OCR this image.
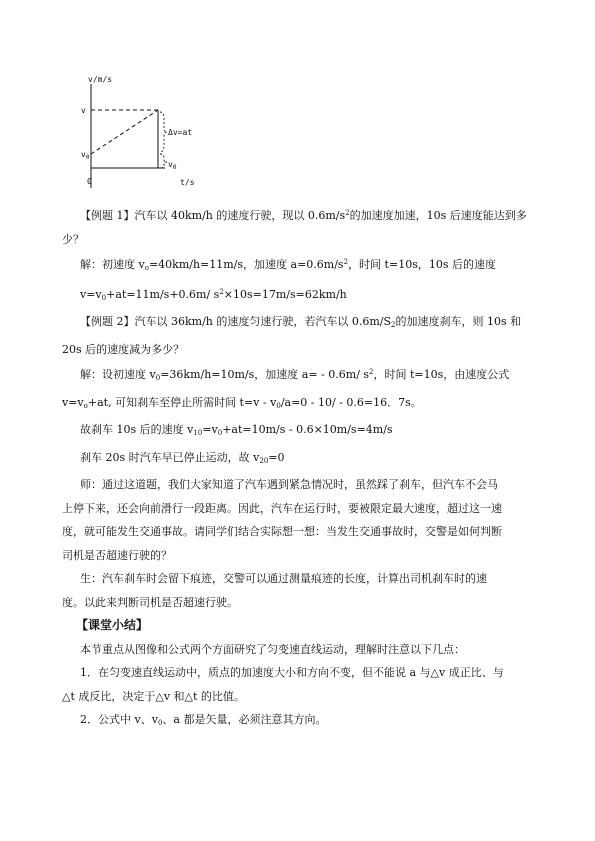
v/m/s
v
$v_0$
0
Δv=at
$v_0$
t/s

【例题 1】汽车以 40km/h 的速度行驶，现以 $0.6m/s^2$的加速度加速，10s 后速度能达到多

少？

解：初速度 $v_o=40km/h=11m/s$，加速度 $a=0.6m/s^2$，时间 t=10s，10s 后的速度

$v=v_0+at=11m/s+0.6m/$ $s^2\times 10s=17m/s=62km/h$

【例题 2】汽车以 36km/h 的速度匀速行驶，若汽车以 $0.6m/S_2$的加速度刹车，则 10s 和

20s 后的速度减为多少？

解：设初速度 $v_0=36km/h=10m/s$，加速度 a= - 0.6m/ $s^2$，时间 t=10s，由速度公式

$v=v_o+at$, 可知刹车至停止所需时间 $t=v - v_0/a=0 - 10/ - 0.6=16$．7s。

故刹车 10s 后的速度 $v_{10}=v_0+at=10m/s - 0.6\times 10m/s=4m/s$

刹车 20s 时汽车早已停止运动，故 $v_{20}=0$

师：通过这道题，我们大家知道了汽车遇到紧急情况时，虽然踩了刹车，但汽车不会马

上停下来，还会向前滑行一段距离。因此，汽车在运行时，要被限定最大速度，超过这一速

度，就可能发生交通事故。请同学们结合实际想一想：当发生交通事故时，交警是如何判断

司机是否超速行驶的？

生：汽车刹车时会留下痕迹，交警可以通过测量痕迹的长度，计算出司机刹车时的速

度。以此来判断司机是否超速行驶。

【课堂小结】

本节重点从图像和公式两个方面研究了匀变速直线运动，理解时注意以下几点：

1．在匀变速直线运动中，质点的加速度大小和方向不变，但不能说 a 与△v 成正比、与

△t 成反比，决定于△v 和△t 的比值。

2．公式中 v、$v_0$、a 都是矢量，必须注意其方向。
